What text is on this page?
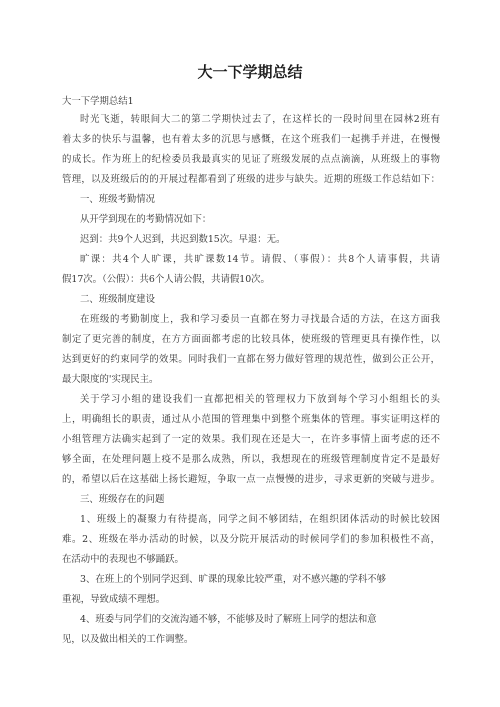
大一下学期总结
大一下学期总结1
时光飞逝，转眼间大二的第二学期快过去了，在这样长的一段时间里在园林2班有
着太多的快乐与温馨，也有着太多的沉思与感慨，在这个班我们一起携手并进，在慢慢
的成长。作为班上的纪检委员我最真实的见证了班级发展的点点滴滴，从班级上的事物
管理，以及班级后的的开展过程都看到了班级的进步与缺失。近期的班级工作总结如下：
一、班级考勤情况
从开学到现在的考勤情况如下：
迟到：共9个人迟到，共迟到数15次。早退：无。
旷课：共4个人旷课，共旷课数14节。请假、（事假）：共8个人请事假，共请
假17次。（公假）：共6个人请公假，共请假10次。
二、班级制度建设
在班级的考勤制度上，我和学习委员一直都在努力寻找最合适的方法，在这方面我
制定了更完善的制度，在方方面面都考虑的比较具体，使班级的管理更具有操作性，以
达到更好的约束同学的效果。同时我们一直都在努力做好管理的规范性，做到公正公开，
最大限度的'实现民主。
关于学习小组的建设我们一直都把相关的管理权力下放到每个学习小组组长的头
上，明确组长的职责，通过从小范围的管理集中到整个班集体的管理。事实证明这样的
小组管理方法确实起到了一定的效果。我们现在还是大一，在许多事情上面考虑的还不
够全面，在处理问题上疫不是那么成熟，所以，我想现在的班级管理制度肯定不是最好
的，希望以后在这基础上扬长避短，争取一点一点慢慢的进步，寻求更新的突破与进步。
三、班级存在的问题
1、班级上的凝聚力有待提高，同学之间不够团结，在组织团体活动的时候比较困
难。2、班级在举办活动的时候，以及分院开展活动的时候同学们的参加积极性不高，
在活动中的表现也不够踊跃。
3、在班上的个别同学迟到、旷课的现象比较严重，对不感兴趣的学科不够
重视，导致成绩不理想。
4、班委与同学们的交流沟通不够，不能够及时了解班上同学的想法和意
见，以及做出相关的工作调整。
